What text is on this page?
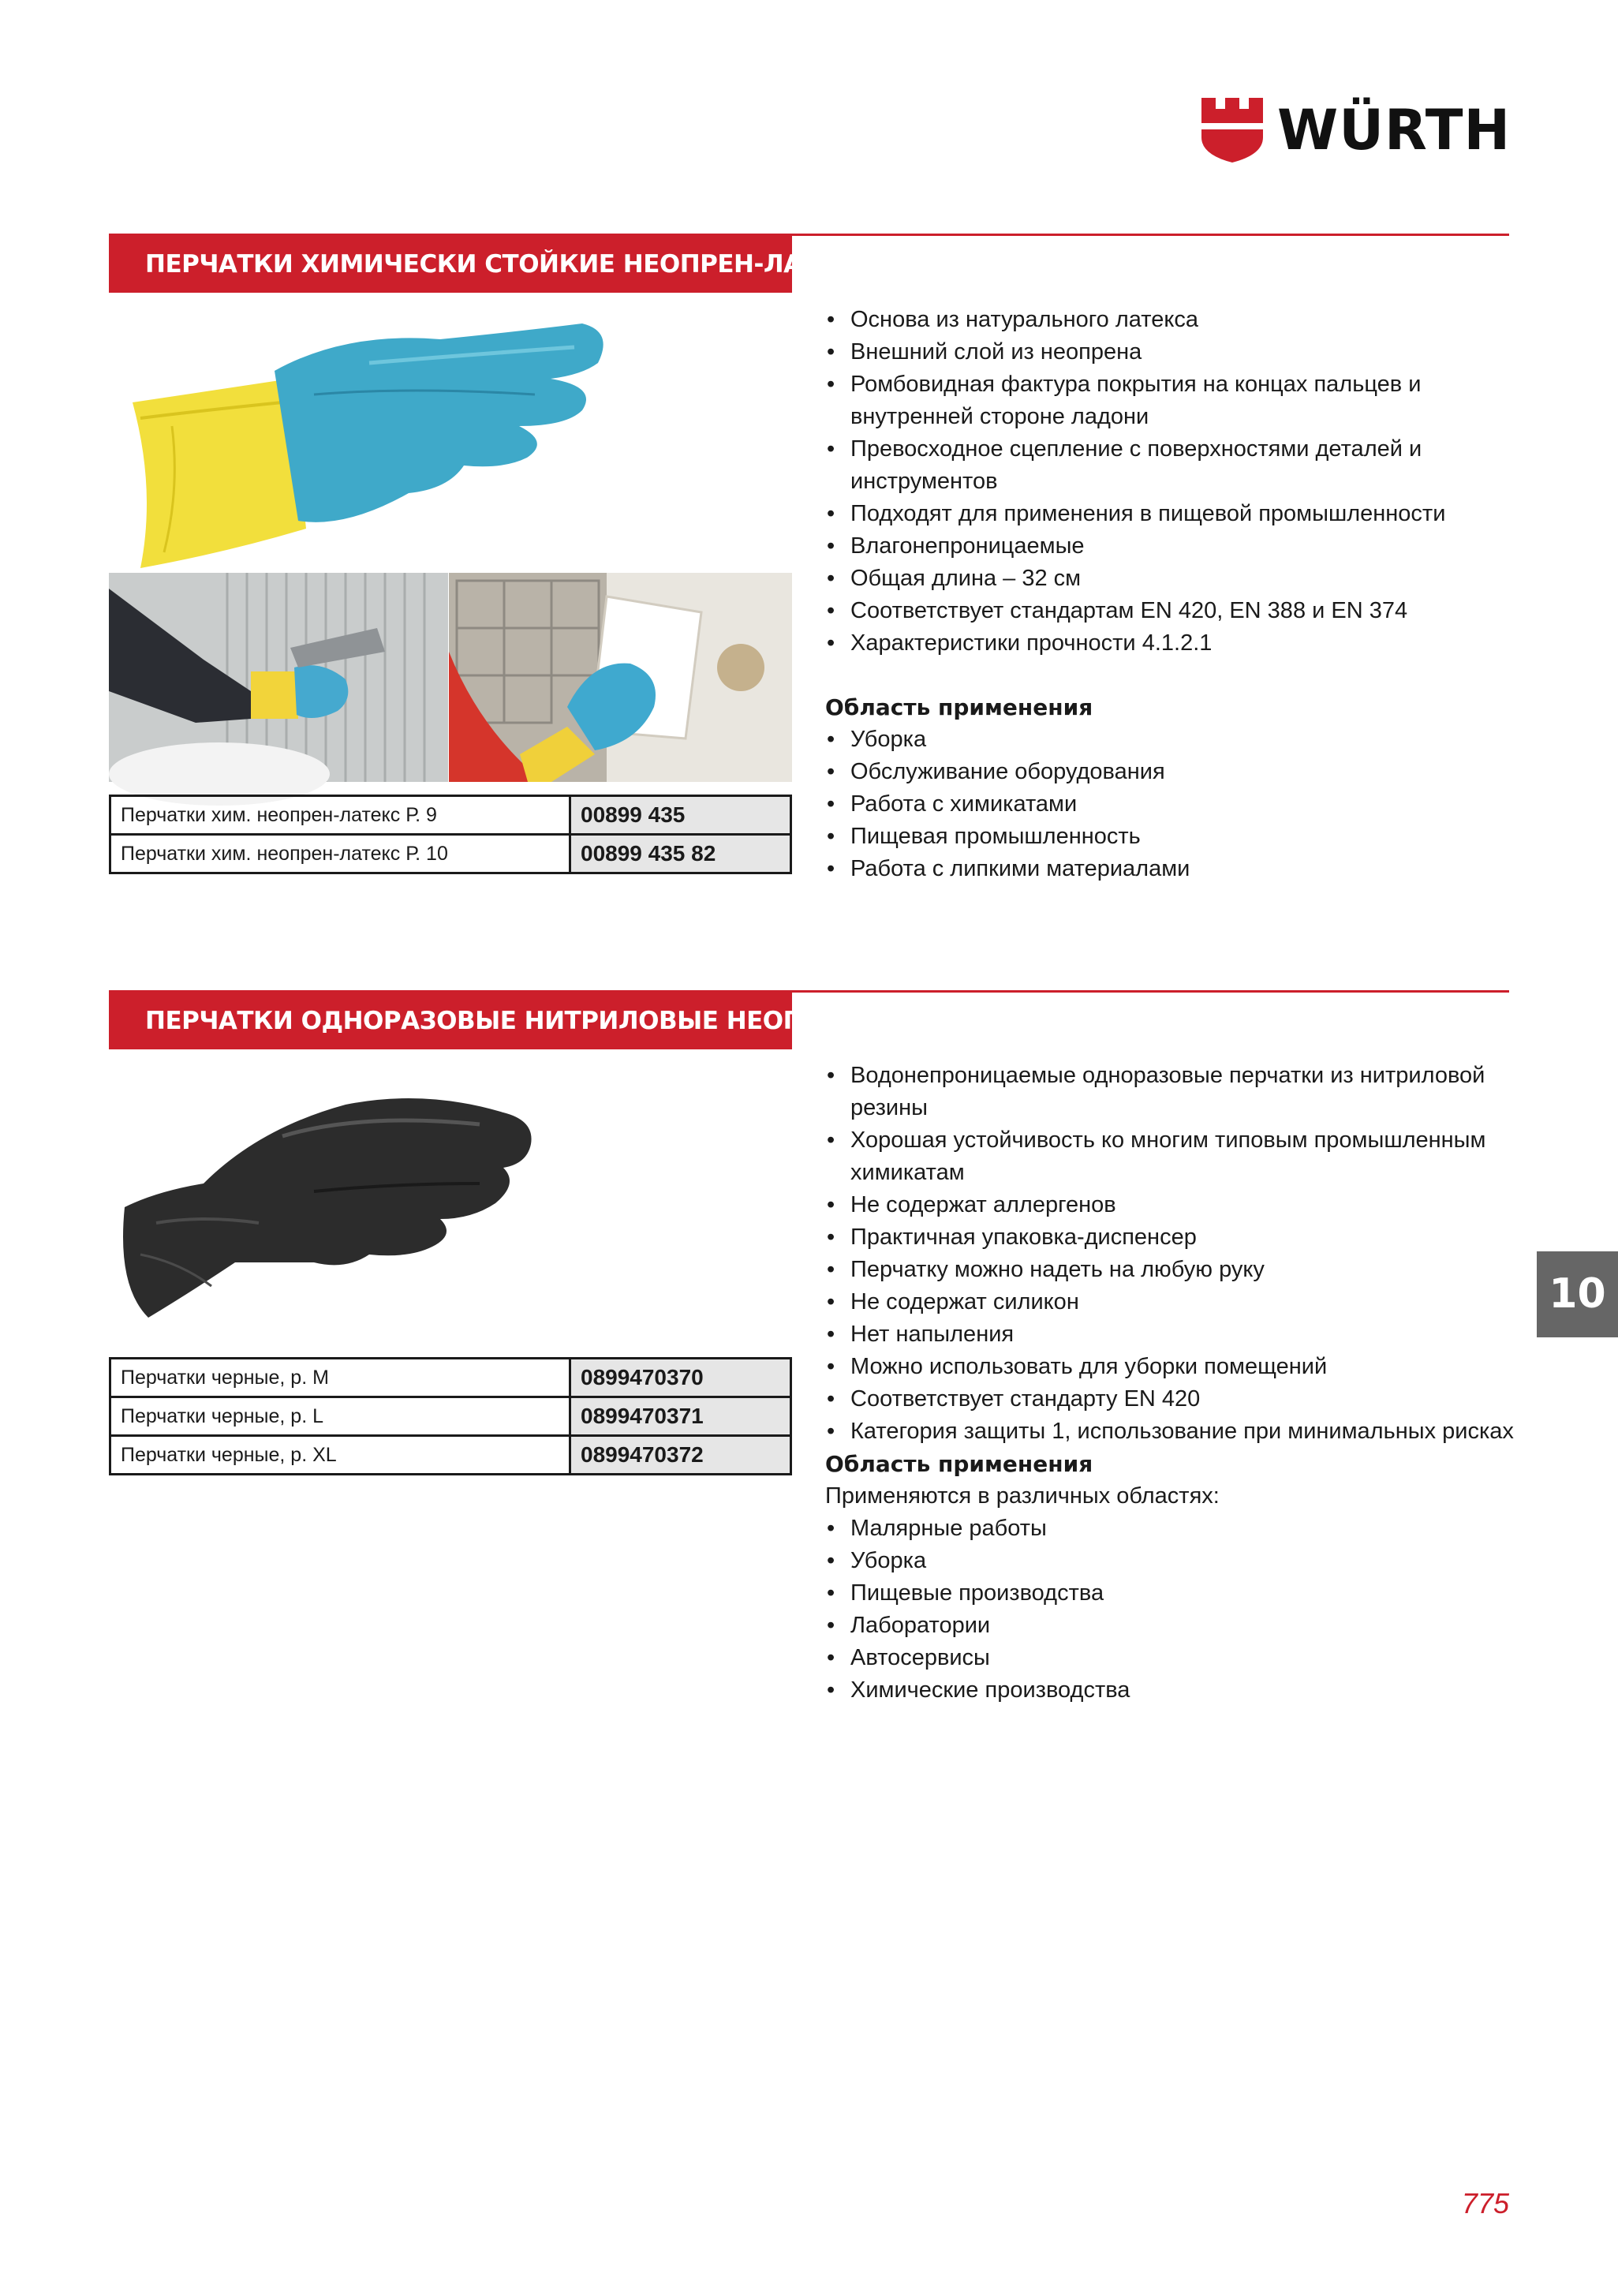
WÜRTH
ПЕРЧАТКИ ХИМИЧЕСКИ СТОЙКИЕ НЕОПРЕН-ЛАТЕКС
Перчатки хим. неопрен-латекс Р. 9	00899 435
Перчатки хим. неопрен-латекс Р. 10	00899 435 82
• Основа из натурального латекса
• Внешний слой из неопрена
• Ромбовидная фактура покрытия на концах пальцев и внутренней стороне ладони
• Превосходное сцепление с поверхностями деталей и инструментов
• Подходят для применения в пищевой промышленности
• Влагонепроницаемые
• Общая длина – 32 см
• Соответствует стандартам EN 420, EN 388 и EN 374
• Характеристики прочности 4.1.2.1
Область применения
• Уборка
• Обслуживание оборудования
• Работа с химикатами
• Пищевая промышленность
• Работа с липкими материалами
ПЕРЧАТКИ ОДНОРАЗОВЫЕ НИТРИЛОВЫЕ НЕОПУДРЕННЫЕ
Перчатки черные, р. M	0899470370
Перчатки черные, р. L	0899470371
Перчатки черные, р. XL	0899470372
• Водонепроницаемые одноразовые перчатки из нитриловой резины
• Хорошая устойчивость ко многим типовым промышленным химикатам
• Не содержат аллергенов
• Практичная упаковка-диспенсер
• Перчатку можно надеть на любую руку
• Не содержат силикон
• Нет напыления
• Можно использовать для уборки помещений
• Соответствует стандарту EN 420
• Категория защиты 1, использование при минимальных рисках
Область применения

Применяются в различных областях:

• Малярные работы
• Уборка
• Пищевые производства
• Лаборатории
• Автосервисы
• Химические производства
10
775
